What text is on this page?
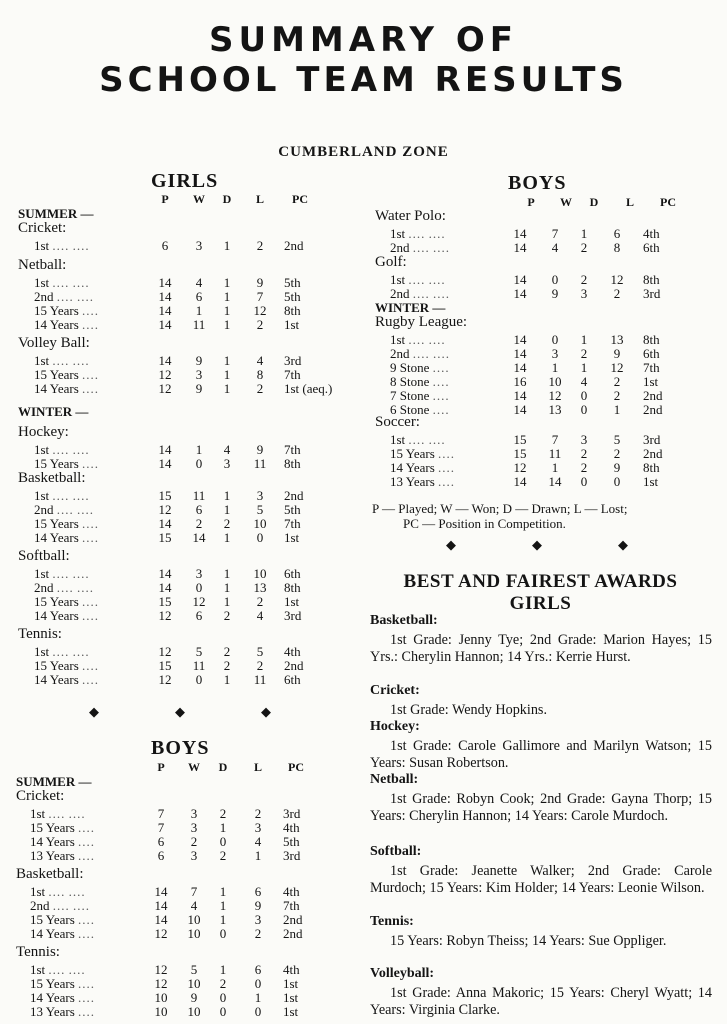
SUMMARY OF
SCHOOL TEAM RESULTS
CUMBERLAND ZONE
GIRLS
P	W	D	L	PC
SUMMER —
Cricket:
1st .... ....	6	3	1	2	2nd
Netball:
1st .... ....	14	4	1	9	5th
2nd .... ....	14	6	1	7	5th
15 Years ....	14	1	1	12	8th
14 Years ....	14	11	1	2	1st
Volley Ball:
1st .... ....	14	9	1	4	3rd
15 Years ....	12	3	1	8	7th
14 Years ....	12	9	1	2	1st (aeq.)
WINTER —
Hockey:
1st .... ....	14	1	4	9	7th
15 Years ....	14	0	3	11	8th
Basketball:
1st .... ....	15	11	1	3	2nd
2nd .... ....	12	6	1	5	5th
15 Years ....	14	2	2	10	7th
14 Years ....	15	14	1	0	1st
Softball:
1st .... ....	14	3	1	10	6th
2nd .... ....	14	0	1	13	8th
15 Years ....	15	12	1	2	1st
14 Years ....	12	6	2	4	3rd
Tennis:
1st .... ....	12	5	2	5	4th
15 Years ....	15	11	2	2	2nd
14 Years ....	12	0	1	11	6th
◆	◆	◆
BOYS
P	W	D	L	PC
SUMMER —
Cricket:
1st .... ....	7	3	2	2	3rd
15 Years ....	7	3	1	3	4th
14 Years ....	6	2	0	4	5th
13 Years ....	6	3	2	1	3rd
Basketball:
1st .... ....	14	7	1	6	4th
2nd .... ....	14	4	1	9	7th
15 Years ....	14	10	1	3	2nd
14 Years ....	12	10	0	2	2nd
Tennis:
1st .... ....	12	5	1	6	4th
15 Years ....	12	10	2	0	1st
14 Years ....	10	9	0	1	1st
13 Years ....	10	10	0	0	1st
BOYS
P	W	D	L	PC
Water Polo:
1st .... ....	14	7	1	6	4th
2nd .... ....	14	4	2	8	6th
Golf:
1st .... ....	14	0	2	12	8th
2nd .... ....	14	9	3	2	3rd
WINTER —
Rugby League:
1st .... ....	14	0	1	13	8th
2nd .... ....	14	3	2	9	6th
9 Stone ....	14	1	1	12	7th
8 Stone ....	16	10	4	2	1st
7 Stone ....	14	12	0	2	2nd
6 Stone ....	14	13	0	1	2nd
Soccer:
1st .... ....	15	7	3	5	3rd
15 Years ....	15	11	2	2	2nd
14 Years ....	12	1	2	9	8th
13 Years ....	14	14	0	0	1st
P — Played; W — Won; D — Drawn; L — Lost;
PC — Position in Competition.
◆	◆	◆
BEST AND FAIREST AWARDS
GIRLS
Basketball:
1st Grade: Jenny Tye; 2nd Grade: Marion Hayes; 15 Yrs.: Cherylin Hannon; 14 Yrs.: Kerrie Hurst.
Cricket:
1st Grade: Wendy Hopkins.
Hockey:
1st Grade: Carole Gallimore and Marilyn Watson; 15 Years: Susan Robertson.
Netball:
1st Grade: Robyn Cook; 2nd Grade: Gayna Thorp; 15 Years: Cherylin Hannon; 14 Years: Carole Murdoch.
Softball:
1st Grade: Jeanette Walker; 2nd Grade: Carole Murdoch; 15 Years: Kim Holder; 14 Years: Leonie Wilson.
Tennis:
15 Years: Robyn Theiss; 14 Years: Sue Oppliger.
Volleyball:
1st Grade: Anna Makoric; 15 Years: Cheryl Wyatt; 14 Years: Virginia Clarke.
